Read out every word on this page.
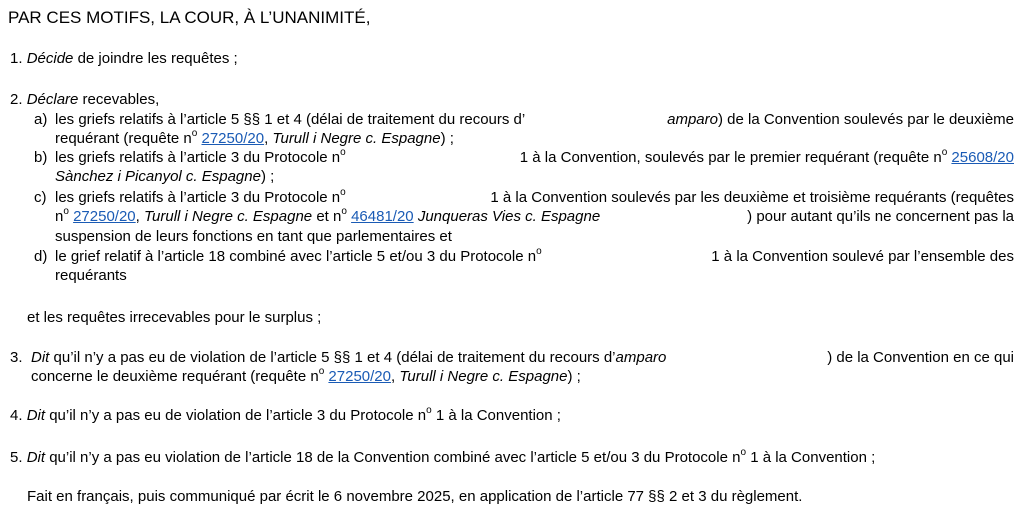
PAR CES MOTIFS, LA COUR, À L’UNANIMITÉ,
1. Décide de joindre les requêtes ;
2. Déclare recevables,
a) les griefs relatifs à l’article 5 §§ 1 et 4 (délai de traitement du recours d’	amparo) de la Convention soulevés par le deuxième
requérant (requête $n^o$ 27250/20, Turull i Negre c. Espagne) ;
b) les griefs relatifs à l’article 3 du Protocole $n^o$	1 à la Convention, soulevés par le premier requérant (requête $n^o$ 25608/20
Sànchez i Picanyol c. Espagne) ;
c) les griefs relatifs à l’article 3 du Protocole $n^o$	1 à la Convention soulevés par les deuxième et troisième requérants (requêtes
$n^o$ 27250/20, Turull i Negre c. Espagne et $n^o$ 46481/20 Junqueras Vies c. Espagne	) pour autant qu’ils ne concernent pas la
suspension de leurs fonctions en tant que parlementaires et
d) le grief relatif à l’article 18 combiné avec l’article 5 et/ou 3 du Protocole $n^o$	1 à la Convention soulevé par l’ensemble des
requérants
et les requêtes irrecevables pour le surplus ;
3. Dit qu’il n’y a pas eu de violation de l’article 5 §§ 1 et 4 (délai de traitement du recours d’amparo	) de la Convention en ce qui
concerne le deuxième requérant (requête $n^o$ 27250/20, Turull i Negre c. Espagne) ;
4. Dit qu’il n’y a pas eu de violation de l’article 3 du Protocole $n^o$ 1 à la Convention ;
5. Dit qu’il n’y a pas eu violation de l’article 18 de la Convention combiné avec l’article 5 et/ou 3 du Protocole $n^o$ 1 à la Convention ;
Fait en français, puis communiqué par écrit le 6 novembre 2025, en application de l’article 77 §§ 2 et 3 du règlement.
